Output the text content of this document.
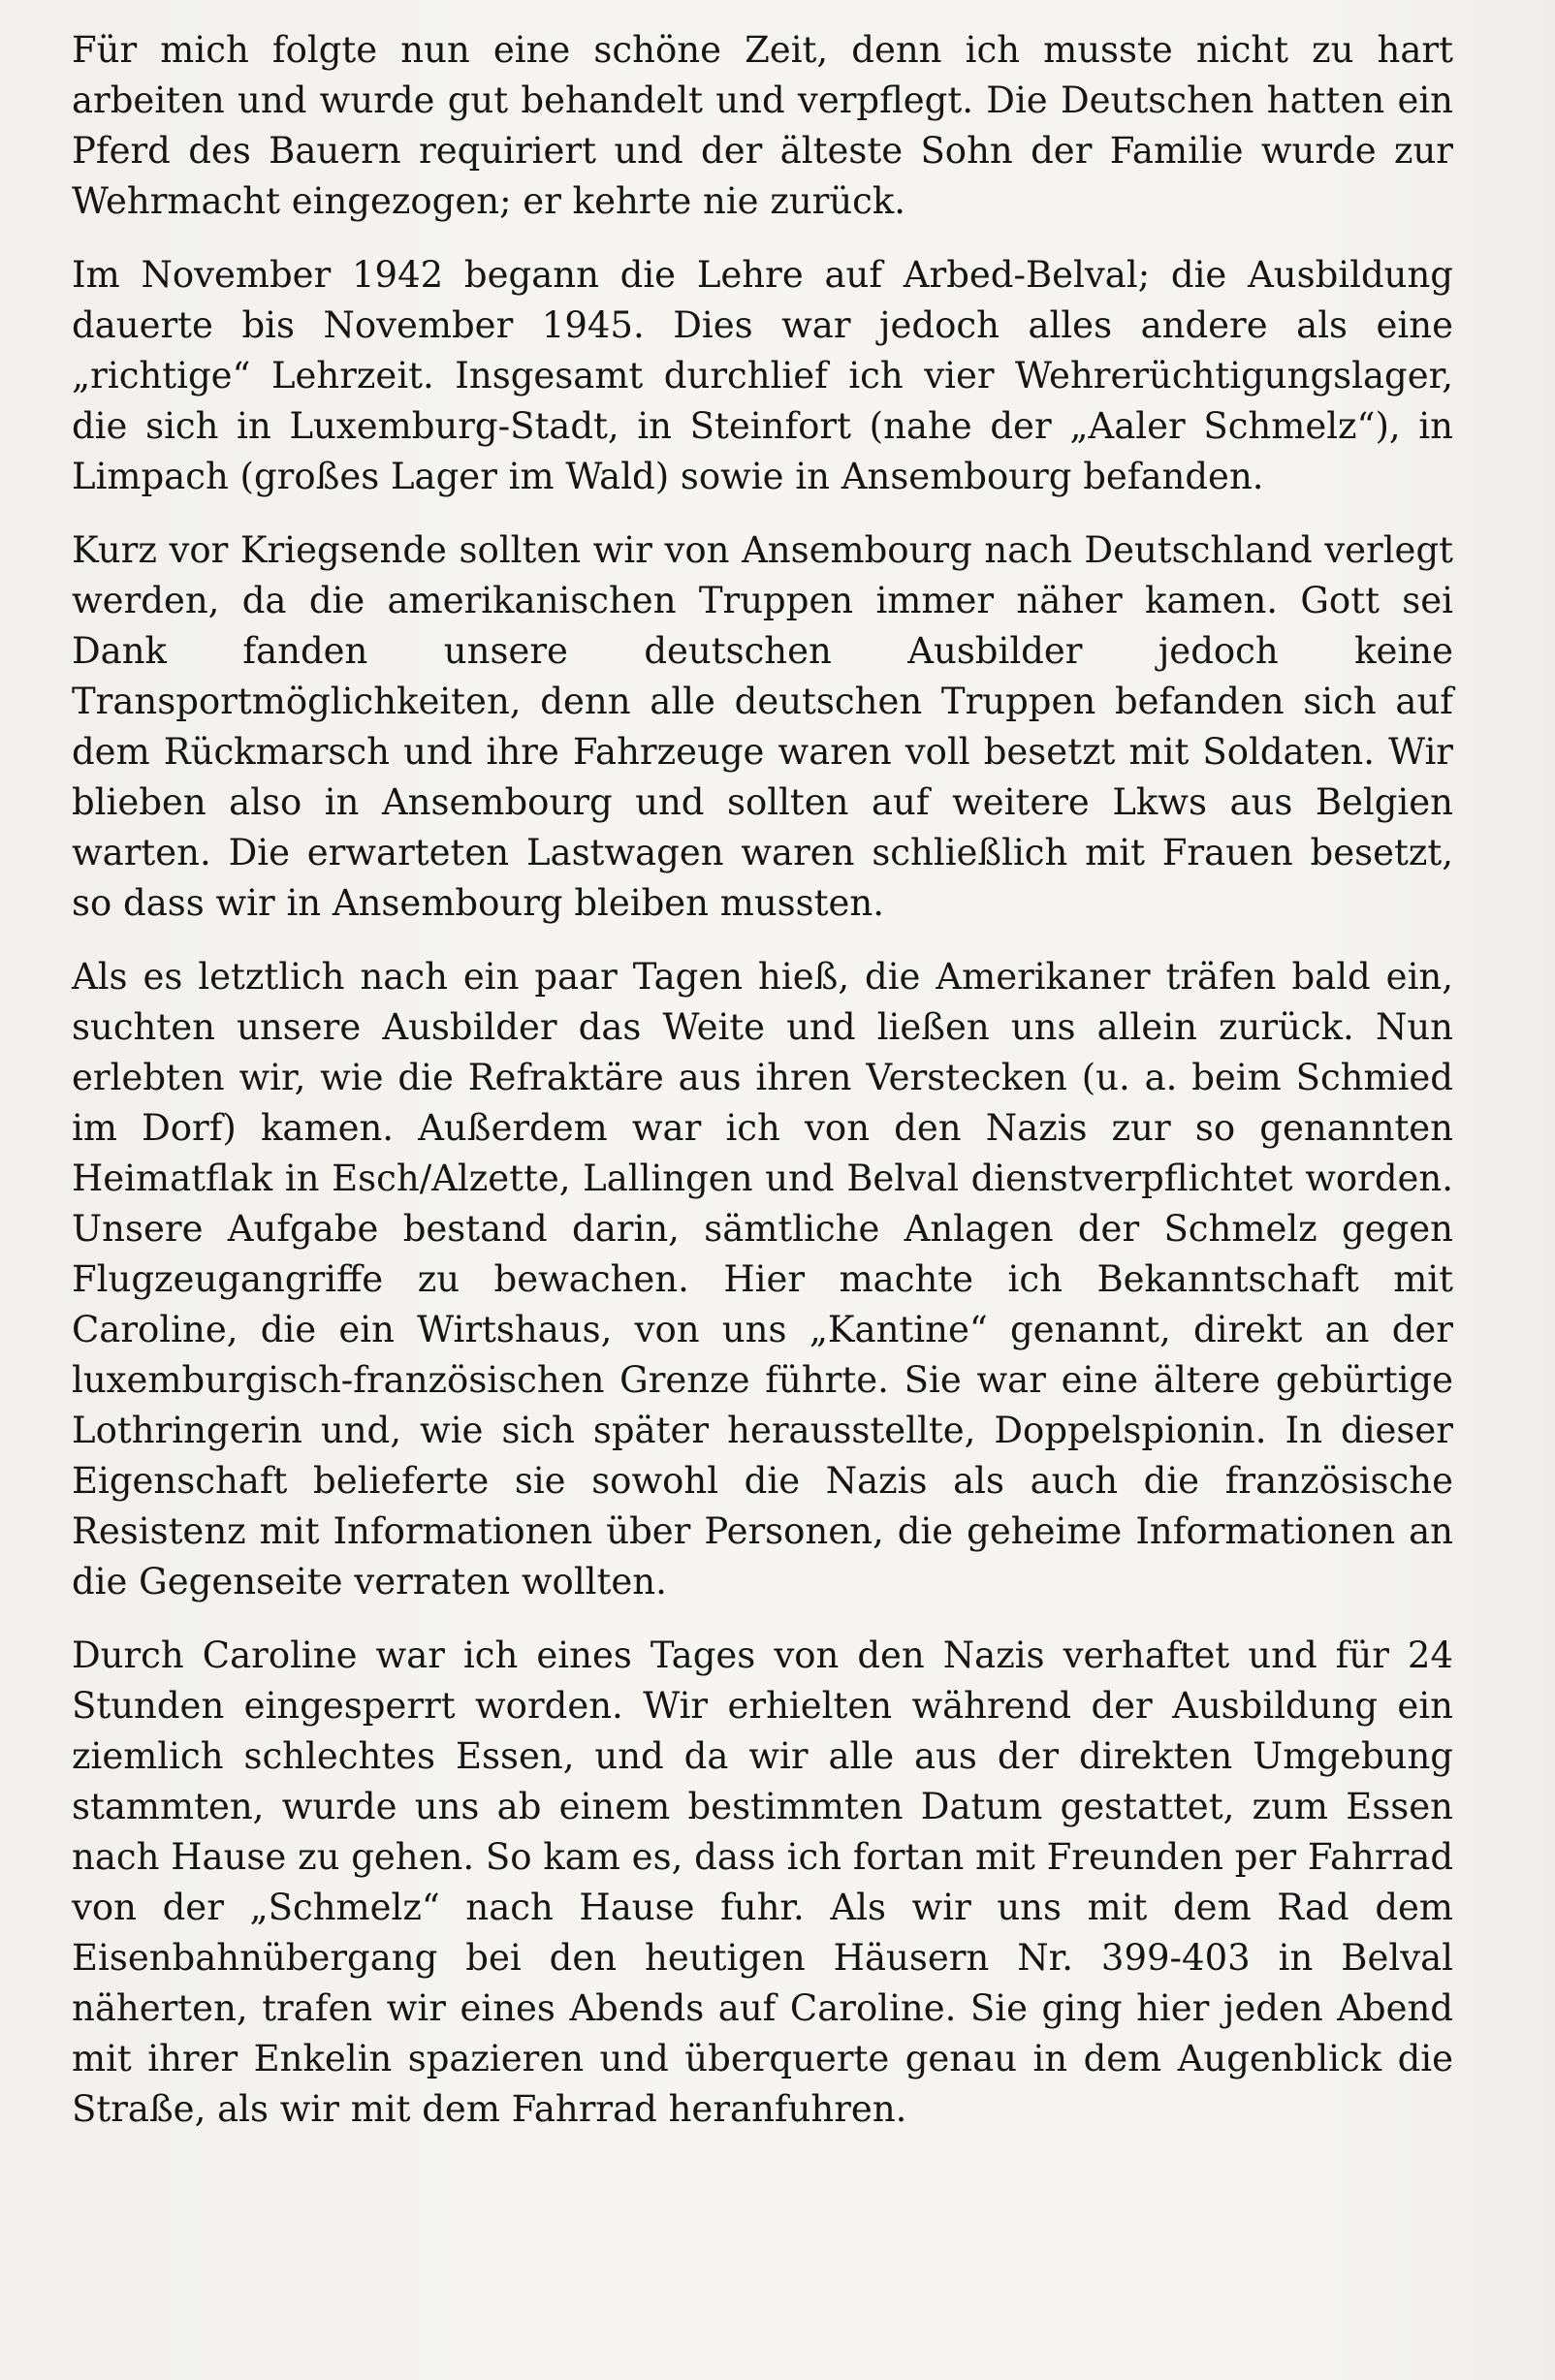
Für mich folgte nun eine schöne Zeit, denn ich musste nicht zu hart arbeiten und wurde gut behandelt und verpflegt. Die Deutschen hatten ein Pferd des Bauern requiriert und der älteste Sohn der Familie wurde zur Wehrmacht eingezogen; er kehrte nie zurück.

Im November 1942 begann die Lehre auf Arbed-Belval; die Ausbildung dauerte bis November 1945. Dies war jedoch alles andere als eine „richtige“ Lehrzeit. Insgesamt durchlief ich vier Wehrerüchtigungslager, die sich in Luxemburg-Stadt, in Steinfort (nahe der „Aaler Schmelz“), in Limpach (großes Lager im Wald) sowie in Ansembourg befanden.

Kurz vor Kriegsende sollten wir von Ansembourg nach Deutschland verlegt werden, da die amerikanischen Truppen immer näher kamen. Gott sei Dank fanden unsere deutschen Ausbilder jedoch keine Transportmöglichkeiten, denn alle deutschen Truppen befanden sich auf dem Rückmarsch und ihre Fahrzeuge waren voll besetzt mit Soldaten. Wir blieben also in Ansembourg und sollten auf weitere Lkws aus Belgien warten. Die erwarteten Lastwagen waren schließlich mit Frauen besetzt, so dass wir in Ansembourg bleiben mussten.

Als es letztlich nach ein paar Tagen hieß, die Amerikaner träfen bald ein, suchten unsere Ausbilder das Weite und ließen uns allein zurück. Nun erlebten wir, wie die Refraktäre aus ihren Verstecken (u. a. beim Schmied im Dorf) kamen. Außerdem war ich von den Nazis zur so genannten Heimatflak in Esch/Alzette, Lallingen und Belval dienstverpflichtet worden. Unsere Aufgabe bestand darin, sämtliche Anlagen der Schmelz gegen Flugzeugangriffe zu bewachen. Hier machte ich Bekanntschaft mit Caroline, die ein Wirtshaus, von uns „Kantine“ genannt, direkt an der luxemburgisch-französischen Grenze führte. Sie war eine ältere gebürtige Lothringerin und, wie sich später herausstellte, Doppelspionin. In dieser Eigenschaft belieferte sie sowohl die Nazis als auch die französische Resistenz mit Informationen über Personen, die geheime Informationen an die Gegenseite verraten wollten.

Durch Caroline war ich eines Tages von den Nazis verhaftet und für 24 Stunden eingesperrt worden. Wir erhielten während der Ausbildung ein ziemlich schlechtes Essen, und da wir alle aus der direkten Umgebung stammten, wurde uns ab einem bestimmten Datum gestattet, zum Essen nach Hause zu gehen. So kam es, dass ich fortan mit Freunden per Fahrrad von der „Schmelz“ nach Hause fuhr. Als wir uns mit dem Rad dem Eisenbahnübergang bei den heutigen Häusern Nr. 399-403 in Belval näherten, trafen wir eines Abends auf Caroline. Sie ging hier jeden Abend mit ihrer Enkelin spazieren und überquerte genau in dem Augenblick die Straße, als wir mit dem Fahrrad heranfuhren.
